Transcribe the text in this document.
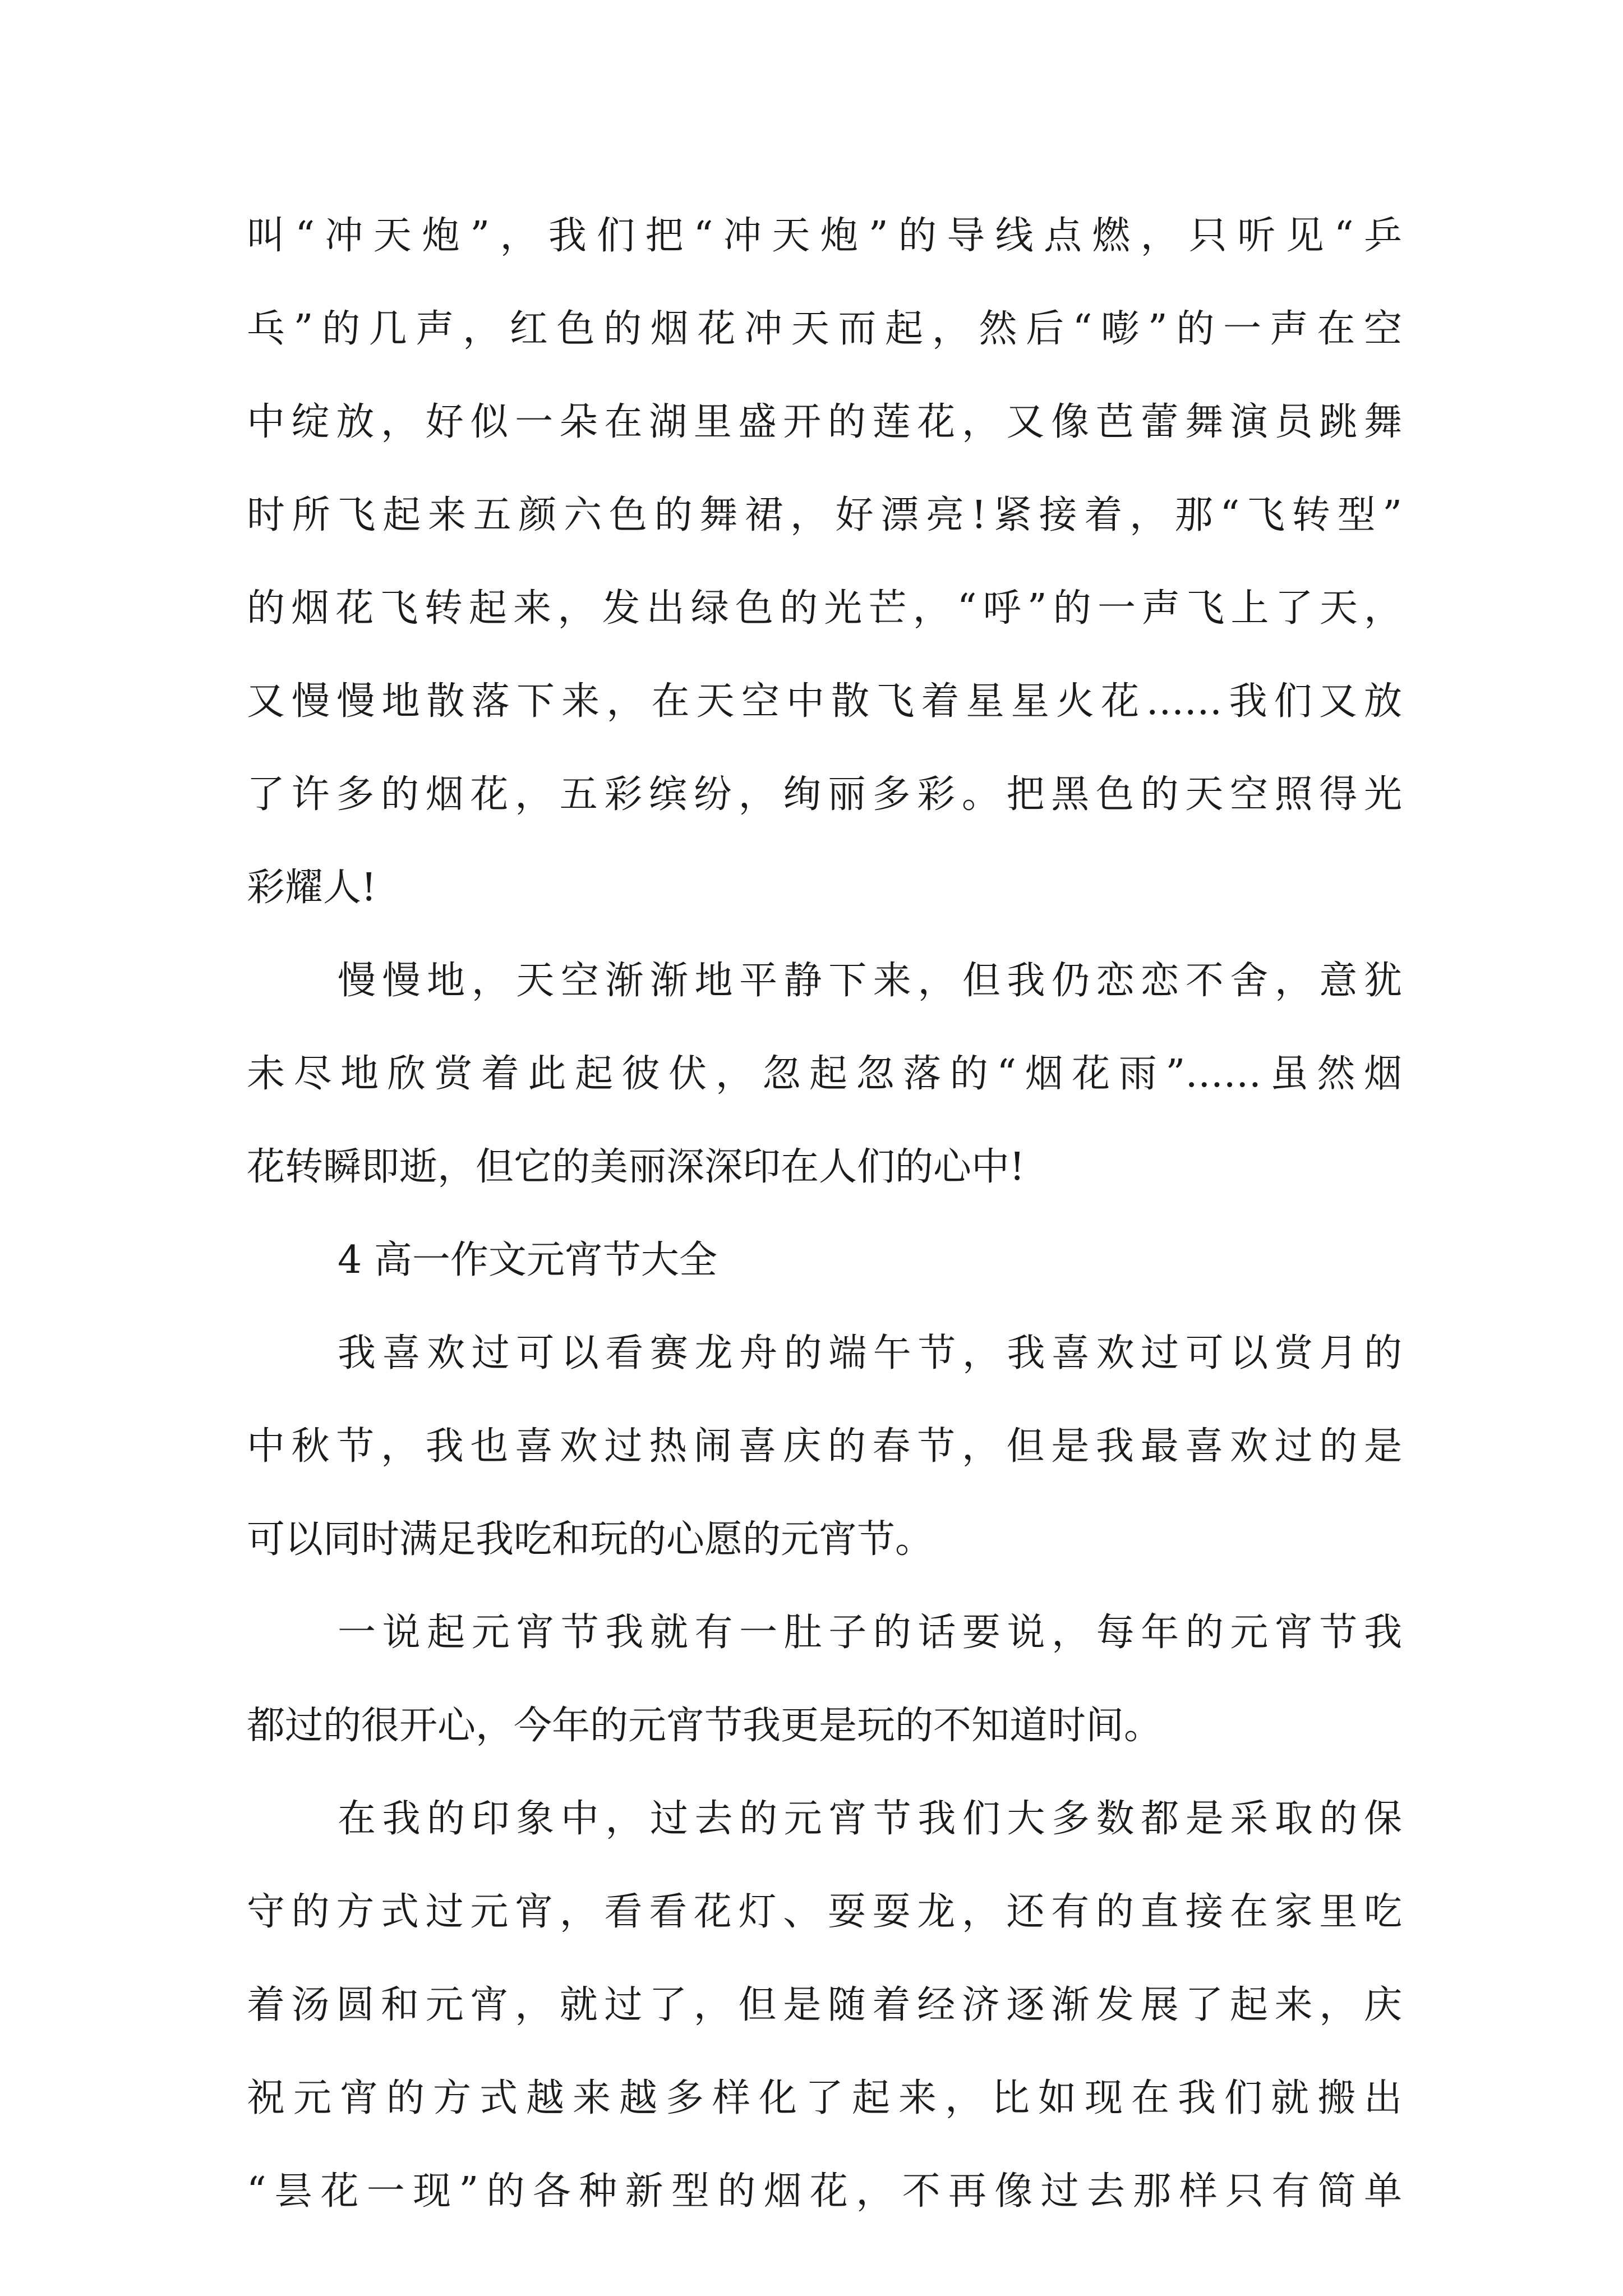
叫“冲天炮”，我们把“冲天炮”的导线点燃，只听见“乒

乓”的几声，红色的烟花冲天而起，然后“嘭”的一声在空

中绽放，好似一朵在湖里盛开的莲花，又像芭蕾舞演员跳舞

时所飞起来五颜六色的舞裙，好漂亮!紧接着，那“飞转型”

的烟花飞转起来，发出绿色的光芒，“呼”的一声飞上了天，

又慢慢地散落下来，在天空中散飞着星星火花……我们又放

了许多的烟花，五彩缤纷，绚丽多彩。把黑色的天空照得光

彩耀人!

慢慢地，天空渐渐地平静下来，但我仍恋恋不舍，意犹

未尽地欣赏着此起彼伏，忽起忽落的“烟花雨”……虽然烟

花转瞬即逝，但它的美丽深深印在人们的心中!

4 高一作文元宵节大全

我喜欢过可以看赛龙舟的端午节，我喜欢过可以赏月的

中秋节，我也喜欢过热闹喜庆的春节，但是我最喜欢过的是

可以同时满足我吃和玩的心愿的元宵节。

一说起元宵节我就有一肚子的话要说，每年的元宵节我

都过的很开心，今年的元宵节我更是玩的不知道时间。

在我的印象中，过去的元宵节我们大多数都是采取的保

守的方式过元宵，看看花灯、耍耍龙，还有的直接在家里吃

着汤圆和元宵，就过了，但是随着经济逐渐发展了起来，庆

祝元宵的方式越来越多样化了起来，比如现在我们就搬出

“昙花一现”的各种新型的烟花，不再像过去那样只有简单
